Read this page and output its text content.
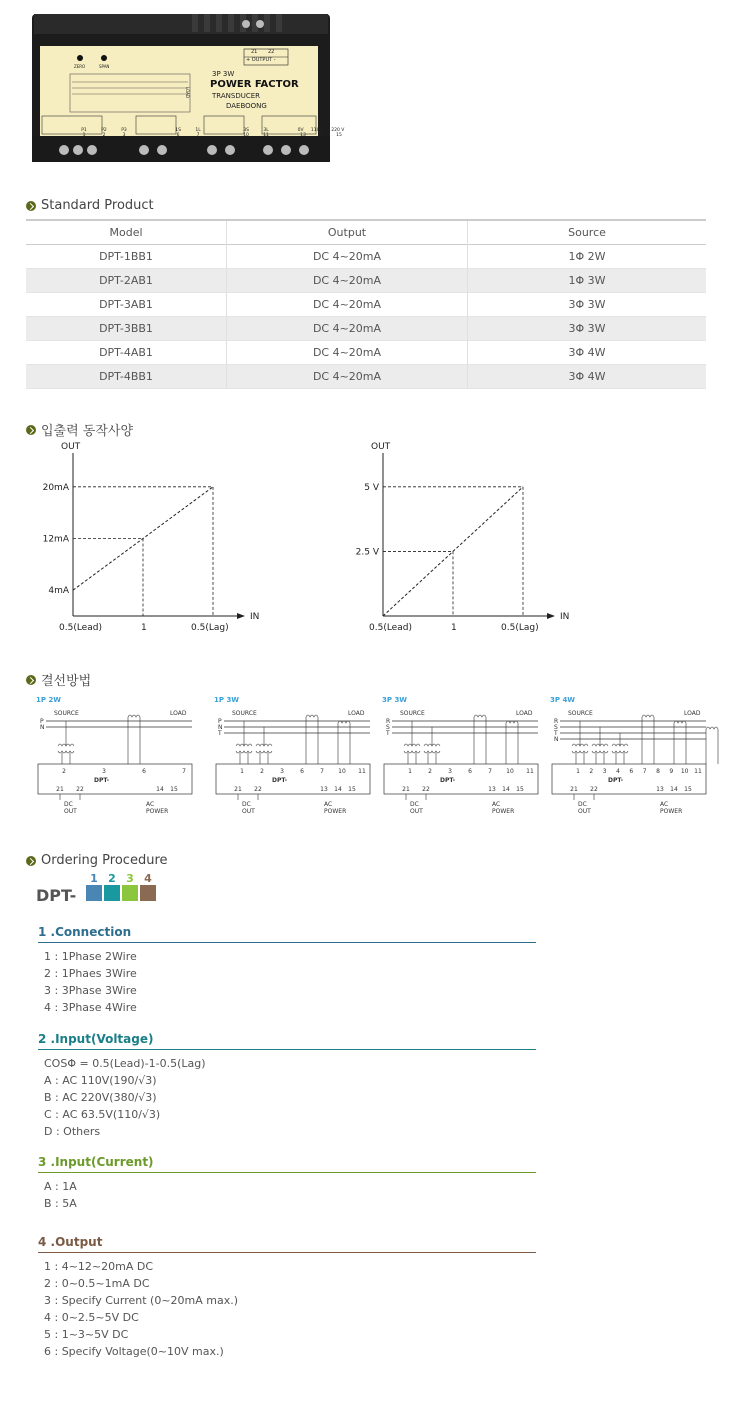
ZERO	SPAN
21 22
+ OUTPUT -
LOAD
3P 3W
POWER FACTOR
TRANSDUCER
DAEBOONG
P1	P2	P3
1	2	3
1S	1L
6	7
3S	3L
10	11
0V 110 V 220 V
13	14	15
Standard Product
Model	Output	Source
DPT-1BB1	DC 4~20mA	1Φ 2W
DPT-2AB1	DC 4~20mA	1Φ 3W
DPT-3AB1	DC 4~20mA	3Φ 3W
DPT-3BB1	DC 4~20mA	3Φ 3W
DPT-4AB1	DC 4~20mA	3Φ 4W
DPT-4BB1	DC 4~20mA	3Φ 4W
입출력 동작사양
OUT
IN
0.5(Lead)	1	0.5(Lag)
4mA
12mA
20mA
OUT
IN
0.5(Lead)	1	0.5(Lag)
2.5 V
5 V
결선방법
1P 2W
SOURCE	LOAD
P
N
2	3	6	7
DPT-
21 22	14 15
DC
OUT
AC
POWER
1P 3W
SOURCE	LOAD
P
N
T
1	2	3	6	7 10 11
DPT-
21 22	13 14 15
DC
OUT
AC
POWER
3P 3W
SOURCE	LOAD
R
S
T
1	2	3	6	7 10 11
DPT-
21 22	13 14 15
DC
OUT
AC
POWER
3P 4W
SOURCE	LOAD
R
S
T
N
1 2 3 4 6 7 8 9 10 11
DPT-
21 22	13 14 15
DC
OUT
AC
POWER
Ordering Procedure
DPT-
1 2 3 4
1 .Connection
1 : 1Phase 2Wire
2 : 1Phaes 3Wire
3 : 3Phase 3Wire
4 : 3Phase 4Wire
2 .Input(Voltage)
COSΦ = 0.5(Lead)-1-0.5(Lag)
A : AC 110V(190/√3)
B : AC 220V(380/√3)
C : AC 63.5V(110/√3)
D : Others
3 .Input(Current)
A : 1A
B : 5A
4 .Output
1 : 4~12~20mA DC
2 : 0~0.5~1mA DC
3 : Specify Current (0~20mA max.)
4 : 0~2.5~5V DC
5 : 1~3~5V DC
6 : Specify Voltage(0~10V max.)
